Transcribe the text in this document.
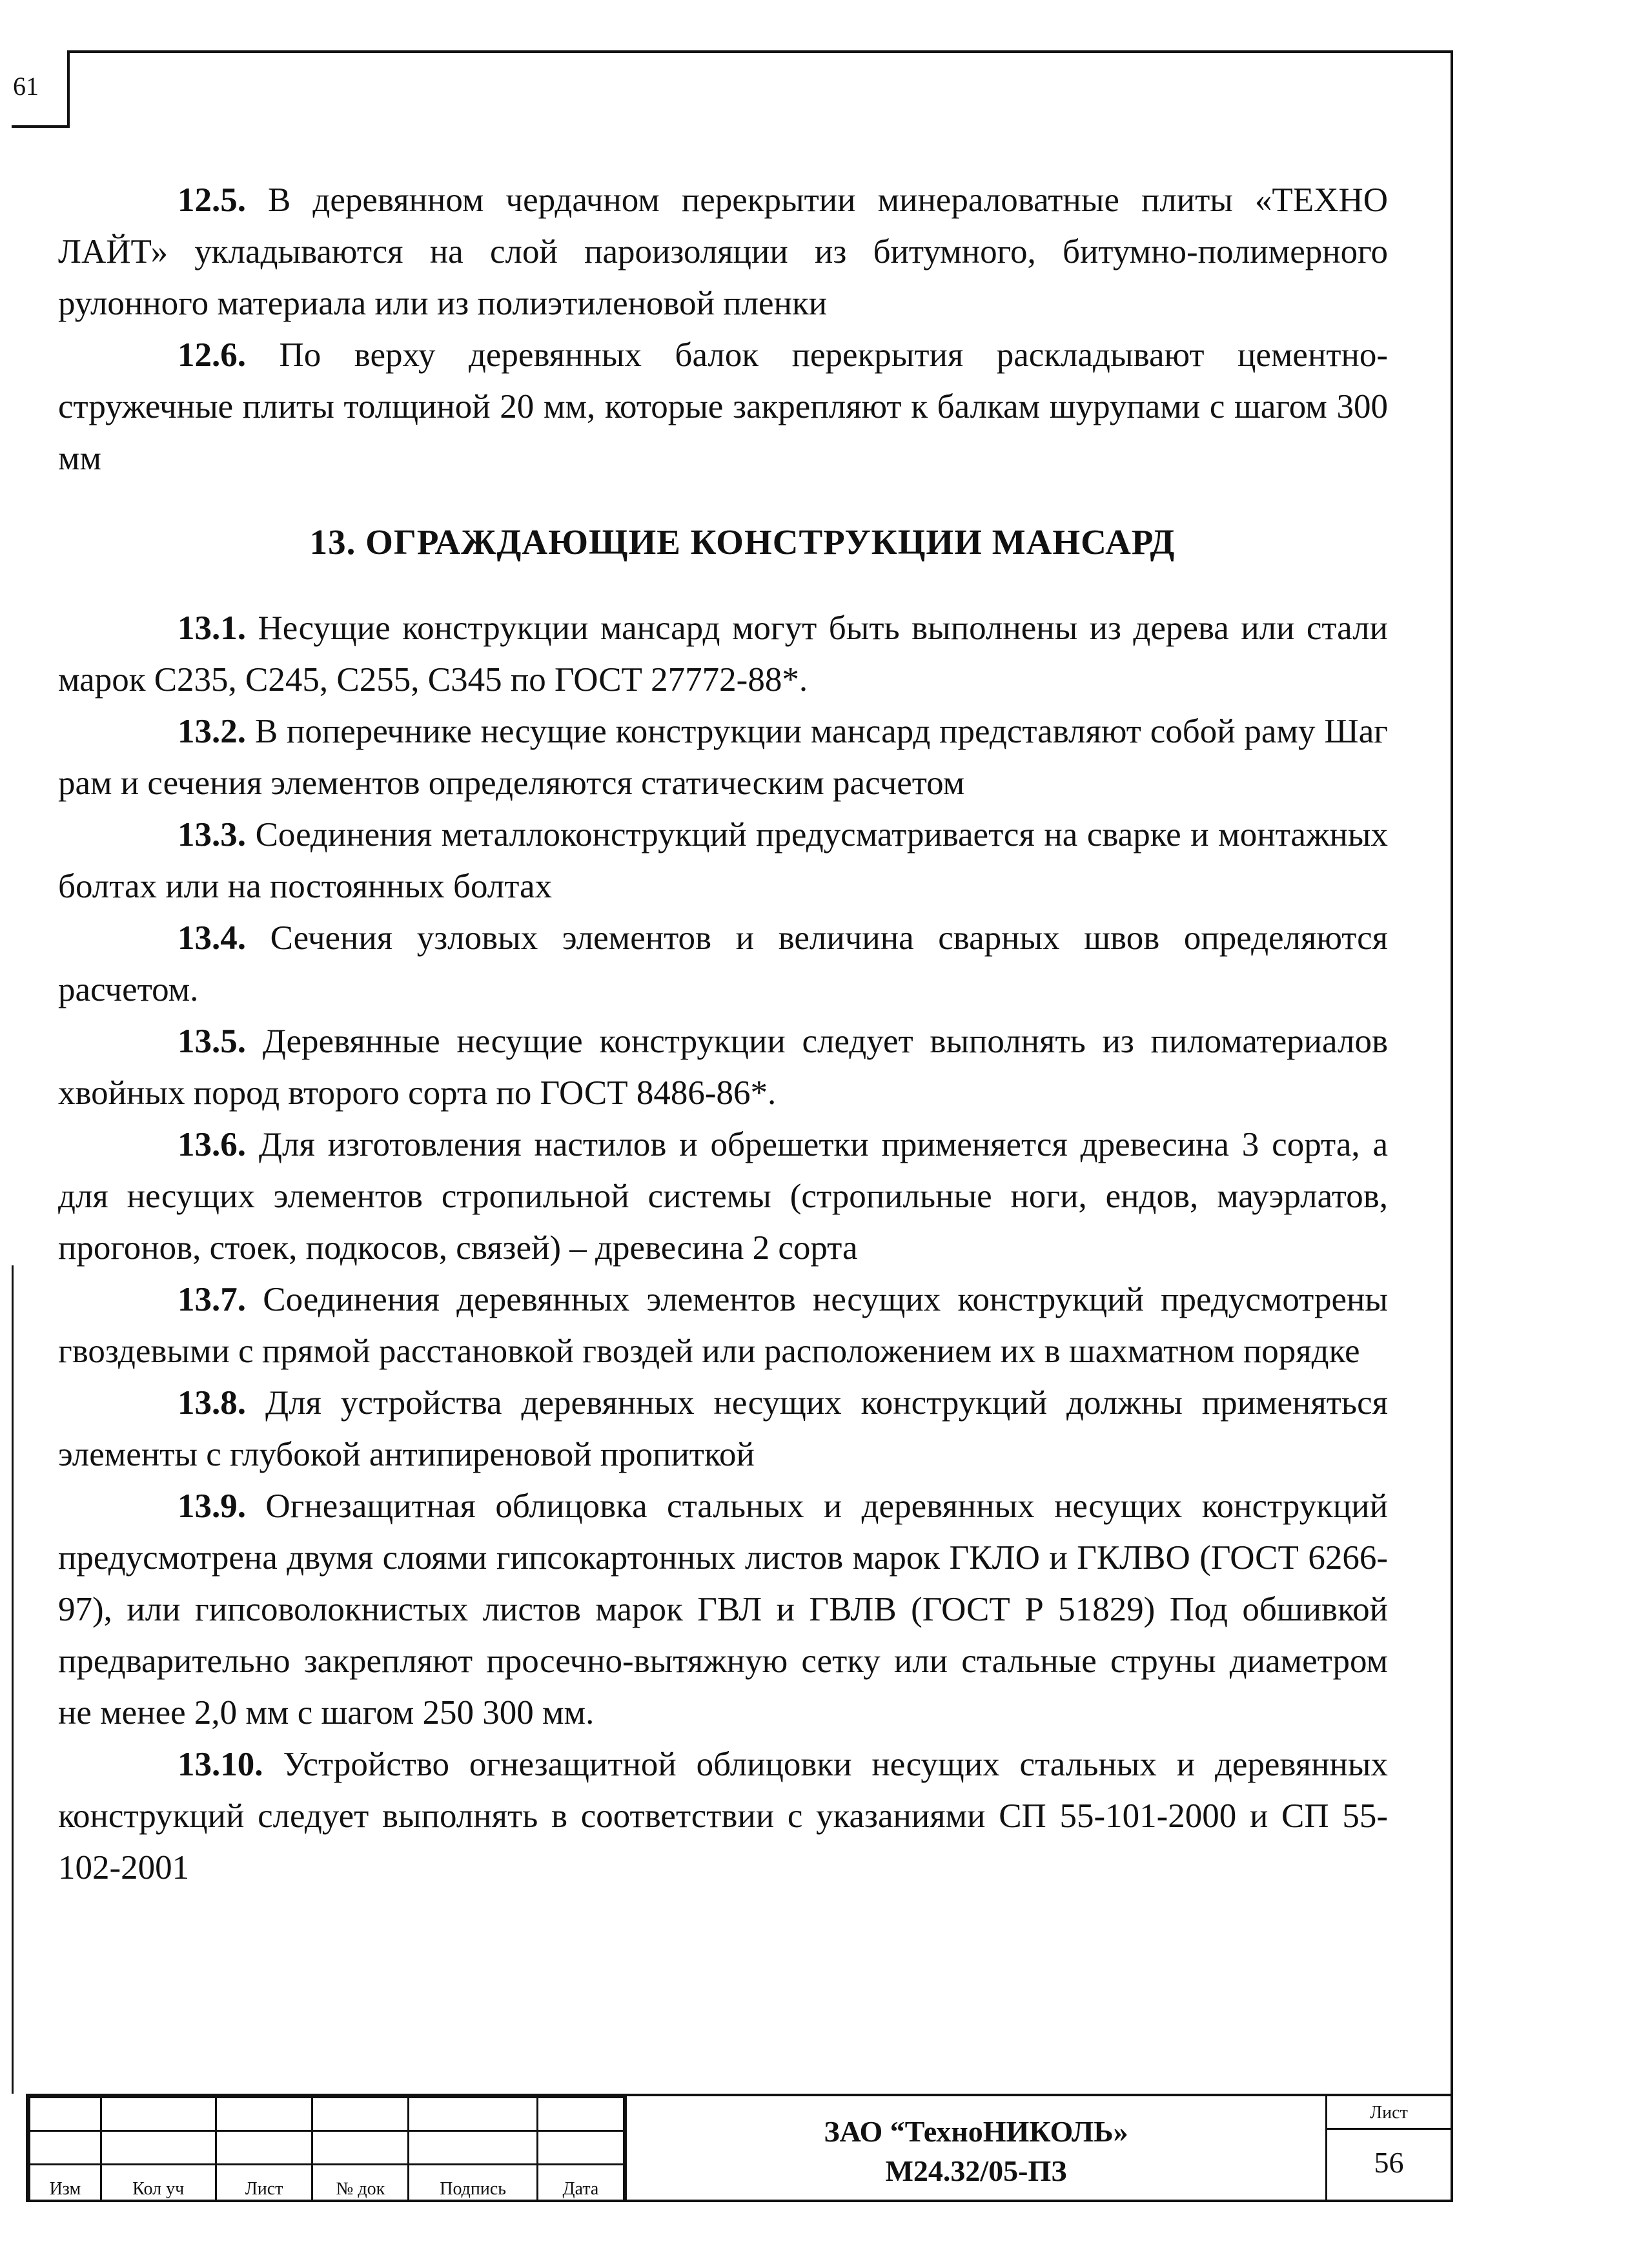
61

12.5. В деревянном чердачном перекрытии минераловатные плиты «ТЕХНО ЛАЙТ» укладываются на слой пароизоляции из битумного, битумно-полимерного рулонного материала или из полиэтиленовой пленки

12.6. По верху деревянных балок перекрытия раскладывают цементно-стружечные плиты толщиной 20 мм, которые закрепляют к балкам шурупами с шагом 300 мм

13. ОГРАЖДАЮЩИЕ КОНСТРУКЦИИ МАНСАРД

13.1. Несущие конструкции мансард могут быть выполнены из дерева или стали марок С235, С245, С255, С345 по ГОСТ 27772-88*.

13.2. В поперечнике несущие конструкции мансард представляют собой раму Шаг рам и сечения элементов определяются статическим расчетом

13.3. Соединения металлоконструкций предусматривается на сварке и монтажных болтах или на постоянных болтах

13.4. Сечения узловых элементов и величина сварных швов определяются расчетом.

13.5. Деревянные несущие конструкции следует выполнять из пиломатериалов хвойных пород второго сорта по ГОСТ 8486-86*.

13.6. Для изготовления настилов и обрешетки применяется древесина 3 сорта, а для несущих элементов стропильной системы (стропильные ноги, ендов, мауэрлатов, прогонов, стоек, подкосов, связей) – древесина 2 сорта

13.7. Соединения деревянных элементов несущих конструкций предусмотрены гвоздевыми с прямой расстановкой гвоздей или расположением их в шахматном порядке

13.8. Для устройства деревянных несущих конструкций должны применяться элементы с глубокой антипиреновой пропиткой

13.9. Огнезащитная облицовка стальных и деревянных несущих конструкций предусмотрена двумя слоями гипсокартонных листов марок ГКЛО и ГКЛВО (ГОСТ 6266-97), или гипсоволокнистых листов марок ГВЛ и ГВЛВ (ГОСТ Р 51829) Под обшивкой предварительно закрепляют просечно-вытяжную сетку или стальные струны диаметром не менее 2,0 мм с шагом 250 300 мм.

13.10. Устройство огнезащитной облицовки несущих стальных и деревянных конструкций следует выполнять в соответствии с указаниями СП 55-101-2000 и СП 55-102-2001

Изм	Кол уч	Лист	№ док	Подпись	Дата
ЗАО “ТехноНИКОЛЬ»
М24.32/05-ПЗ
Лист
56
